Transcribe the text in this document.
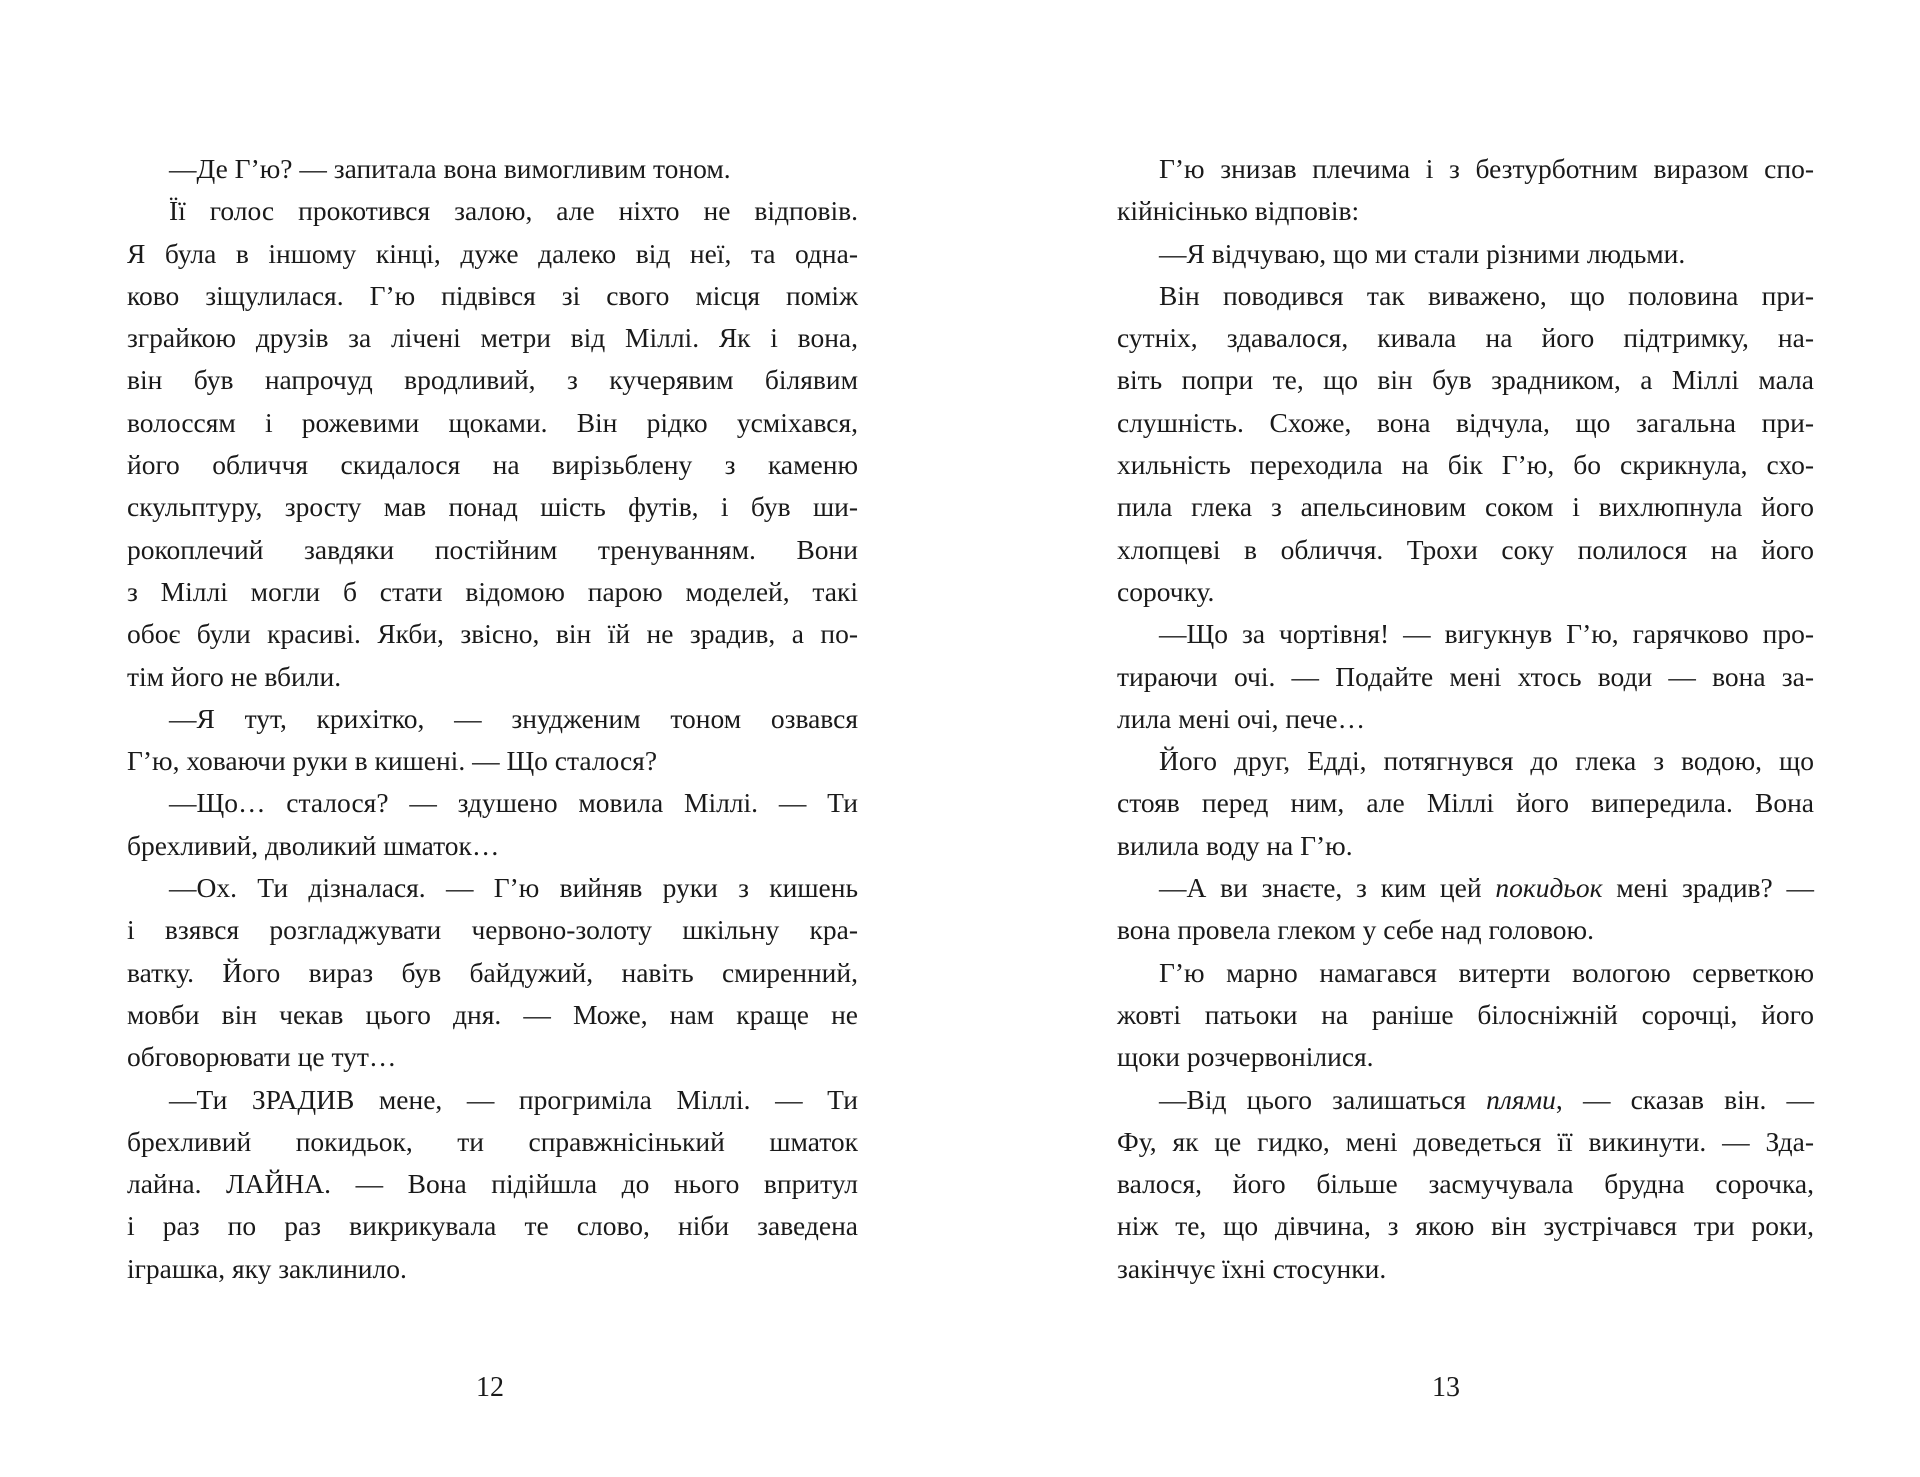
—Де Г’ю? — запитала вона вимогливим тоном.
Її голос прокотився залою, але ніхто не відповів.
Я була в іншому кінці, дуже далеко від неї, та одна-
ково зіщулилася. Г’ю підвівся зі свого місця поміж
зграйкою друзів за лічені метри від Міллі. Як і вона,
він був напрочуд вродливий, з кучерявим білявим
волоссям і рожевими щоками. Він рідко усміхався,
його обличчя скидалося на вирізьблену з каменю
скульптуру, зросту мав понад шість футів, і був ши-
рокоплечий завдяки постійним тренуванням. Вони
з Міллі могли б стати відомою парою моделей, такі
обоє були красиві. Якби, звісно, він їй не зрадив, а по-
тім його не вбили.
—Я тут, крихітко, — знудженим тоном озвався
Г’ю, ховаючи руки в кишені. — Що сталося?
—Що… сталося? — здушено мовила Міллі. — Ти
брехливий, дволикий шматок…
—Ох. Ти дізналася. — Г’ю вийняв руки з кишень
і взявся розгладжувати червоно-золоту шкільну кра-
ватку. Його вираз був байдужий, навіть смиренний,
мовби він чекав цього дня. — Може, нам краще не
обговорювати це тут…
—Ти ЗРАДИВ мене, — прогриміла Міллі. — Ти
брехливий покидьок, ти справжнісінький шматок
лайна. ЛАЙНА. — Вона підійшла до нього впритул
і раз по раз викрикувала те слово, ніби заведена
іграшка, яку заклинило.
Г’ю знизав плечима і з безтурботним виразом спо-
кійнісінько відповів:
—Я відчуваю, що ми стали різними людьми.
Він поводився так виважено, що половина при-
сутніх, здавалося, кивала на його підтримку, на-
віть попри те, що він був зрадником, а Міллі мала
слушність. Схоже, вона відчула, що загальна при-
хильність переходила на бік Г’ю, бо скрикнула, схо-
пила глека з апельсиновим соком і вихлюпнула його
хлопцеві в обличчя. Трохи соку полилося на його
сорочку.
—Що за чортівня! — вигукнув Г’ю, гарячково про-
тираючи очі. — Подайте мені хтось води — вона за-
лила мені очі, пече…
Його друг, Едді, потягнувся до глека з водою, що
стояв перед ним, але Міллі його випередила. Вона
вилила воду на Г’ю.
—А ви знаєте, з ким цей покидьок мені зрадив? —
вона провела глеком у себе над головою.
Г’ю марно намагався витерти вологою серветкою
жовті патьоки на раніше білосніжній сорочці, його
щоки розчервонілися.
—Від цього залишаться плями, — сказав він. —
Фу, як це гидко, мені доведеться її викинути. — Зда-
валося, його більше засмучувала брудна сорочка,
ніж те, що дівчина, з якою він зустрічався три роки,
закінчує їхні стосунки.
12	13
